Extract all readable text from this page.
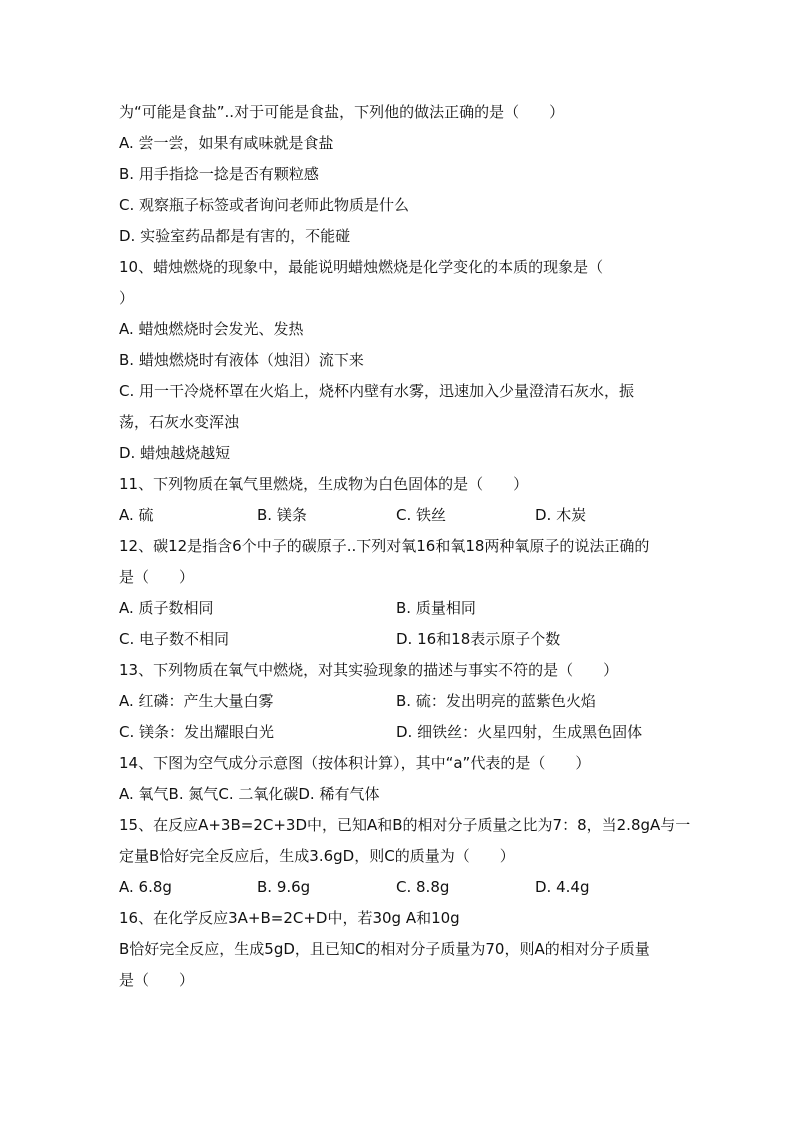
为“可能是食盐”..对于可能是食盐，下列他的做法正确的是（　　）
A. 尝一尝，如果有咸味就是食盐
B. 用手指捻一捻是否有颗粒感
C. 观察瓶子标签或者询问老师此物质是什么
D. 实验室药品都是有害的，不能碰
10、蜡烛燃烧的现象中，最能说明蜡烛燃烧是化学变化的本质的现象是（
）
A. 蜡烛燃烧时会发光、发热
B. 蜡烛燃烧时有液体（烛泪）流下来
C. 用一干冷烧杯罩在火焰上，烧杯内壁有水雾，迅速加入少量澄清石灰水，振
荡，石灰水变浑浊
D. 蜡烛越烧越短
11、下列物质在氧气里燃烧，生成物为白色固体的是（　　）
A. 硫	B. 镁条	C. 铁丝	D. 木炭
12、碳12是指含6个中子的碳原子..下列对氧16和氧18两种氧原子的说法正确的
是（　　）
A. 质子数相同	B. 质量相同
C. 电子数不相同	D. 16和18表示原子个数
13、下列物质在氧气中燃烧，对其实验现象的描述与事实不符的是（　　）
A. 红磷：产生大量白雾	B. 硫：发出明亮的蓝紫色火焰
C. 镁条：发出耀眼白光	D. 细铁丝：火星四射，生成黑色固体
14、下图为空气成分示意图（按体积计算），其中“a”代表的是（　　）
A. 氧气B. 氮气C. 二氧化碳D. 稀有气体
15、在反应A+3B=2C+3D中，已知A和B的相对分子质量之比为7：8，当2.8gA与一
定量B恰好完全反应后，生成3.6gD，则C的质量为（　　）
A. 6.8g	B. 9.6g	C. 8.8g	D. 4.4g
16、在化学反应3A+B=2C+D中，若30g A和10g
B恰好完全反应，生成5gD，且已知C的相对分子质量为70，则A的相对分子质量
是（　　）
